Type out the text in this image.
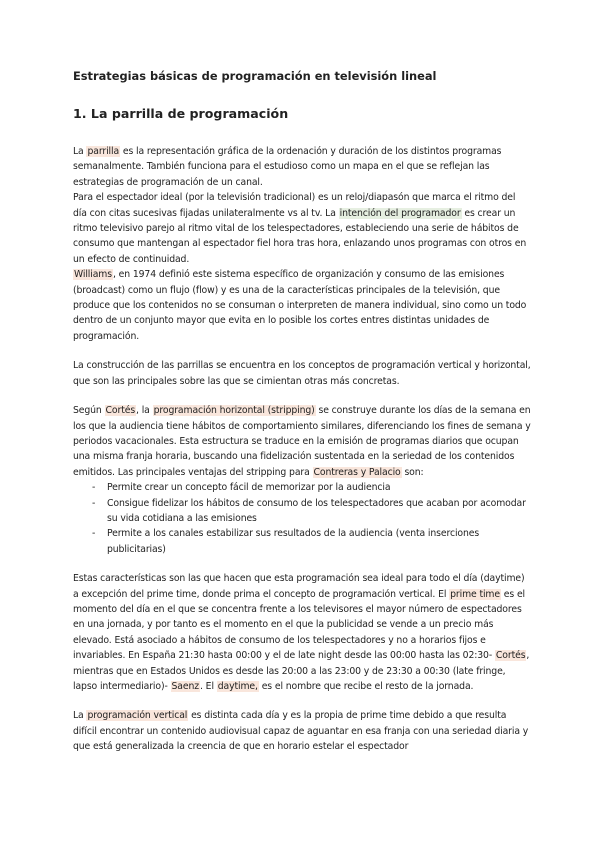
Estrategias básicas de programación en televisión lineal
1. La parrilla de programación

La parrilla es la representación gráfica de la ordenación y duración de los distintos programas semanalmente. También funciona para el estudioso como un mapa en el que se reflejan las estrategias de programación de un canal.
Para el espectador ideal (por la televisión tradicional) es un reloj/diapasón que marca el ritmo del día con citas sucesivas fijadas unilateralmente vs al tv. La intención del programador es crear un ritmo televisivo parejo al ritmo vital de los telespectadores, estableciendo una serie de hábitos de consumo que mantengan al espectador fiel hora tras hora, enlazando unos programas con otros en un efecto de continuidad.
Williams, en 1974 definió este sistema específico de organización y consumo de las emisiones (broadcast) como un flujo (flow) y es una de la características principales de la televisión, que produce que los contenidos no se consuman o interpreten de manera individual, sino como un todo dentro de un conjunto mayor que evita en lo posible los cortes entres distintas unidades de programación.

La construcción de las parrillas se encuentra en los conceptos de programación vertical y horizontal, que son las principales sobre las que se cimientan otras más concretas.

Según Cortés, la programación horizontal (stripping) se construye durante los días de la semana en los que la audiencia tiene hábitos de comportamiento similares, diferenciando los fines de semana y periodos vacacionales. Esta estructura se traduce en la emisión de programas diarios que ocupan una misma franja horaria, buscando una fidelización sustentada en la seriedad de los contenidos emitidos. Las principales ventajas del stripping para Contreras y Palacio son:

- Permite crear un concepto fácil de memorizar por la audiencia
- Consigue fidelizar los hábitos de consumo de los telespectadores que acaban por acomodar su vida cotidiana a las emisiones
- Permite a los canales estabilizar sus resultados de la audiencia (venta inserciones publicitarias)

Estas características son las que hacen que esta programación sea ideal para todo el día (daytime) a excepción del prime time, donde prima el concepto de programación vertical. El prime time es el momento del día en el que se concentra frente a los televisores el mayor número de espectadores en una jornada, y por tanto es el momento en el que la publicidad se vende a un precio más elevado. Está asociado a hábitos de consumo de los telespectadores y no a horarios fijos e invariables. En España 21:30 hasta 00:00 y el de late night desde las 00:00 hasta las 02:30- Cortés, mientras que en Estados Unidos es desde las 20:00 a las 23:00 y de 23:30 a 00:30 (late fringe, lapso intermediario)- Saenz. El daytime, es el nombre que recibe el resto de la jornada.

La programación vertical es distinta cada día y es la propia de prime time debido a que resulta difícil encontrar un contenido audiovisual capaz de aguantar en esa franja con una seriedad diaria y que está generalizada la creencia de que en horario estelar el espectador
